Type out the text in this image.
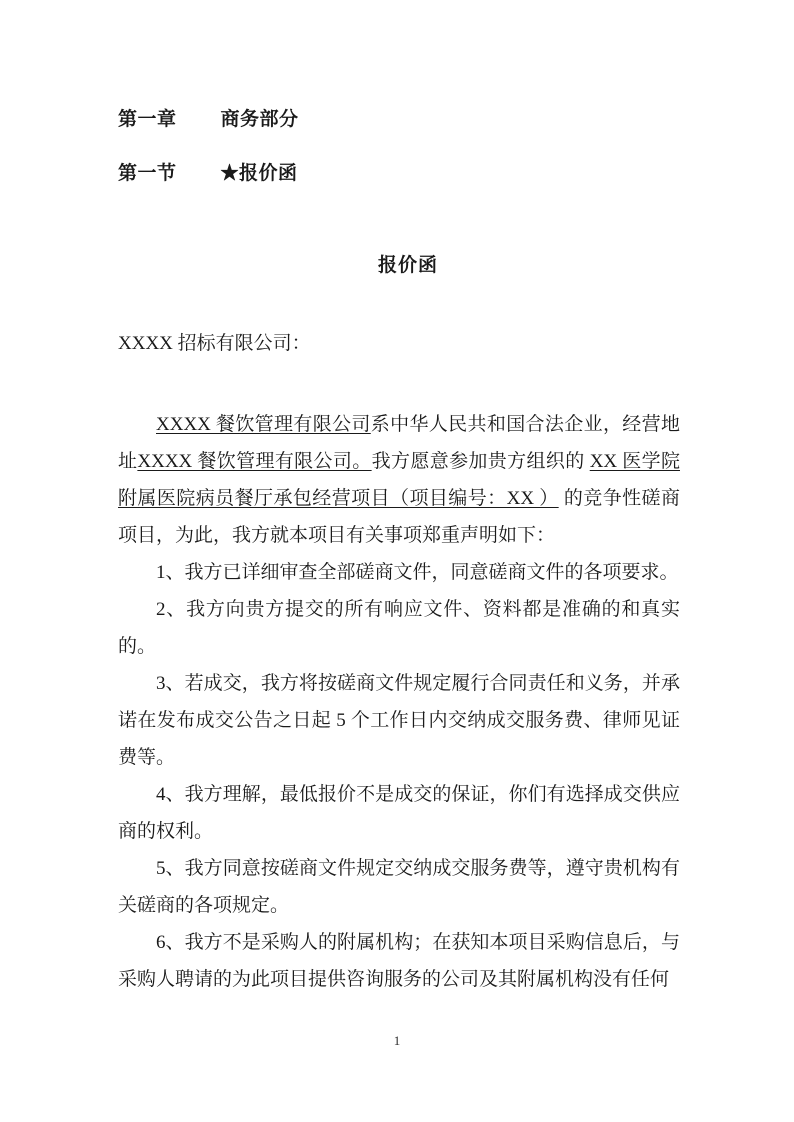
第一章 商务部分
第一节 ★报价函
报价函
XXXX 招标有限公司：

XXXX 餐饮管理有限公司系中华人民共和国合法企业，经营地址XXXX 餐饮管理有限公司。我方愿意参加贵方组织的 XX 医学院附属医院病员餐厅承包经营项目（项目编号：XX ） 的竞争性磋商项目，为此，我方就本项目有关事项郑重声明如下：

1、我方已详细审查全部磋商文件，同意磋商文件的各项要求。

2、我方向贵方提交的所有响应文件、资料都是准确的和真实的。

3、若成交，我方将按磋商文件规定履行合同责任和义务，并承诺在发布成交公告之日起 5 个工作日内交纳成交服务费、律师见证费等。

4、我方理解，最低报价不是成交的保证，你们有选择成交供应商的权利。

5、我方同意按磋商文件规定交纳成交服务费等，遵守贵机构有关磋商的各项规定。

6、我方不是采购人的附属机构；在获知本项目采购信息后，与采购人聘请的为此项目提供咨询服务的公司及其附属机构没有任何

1
